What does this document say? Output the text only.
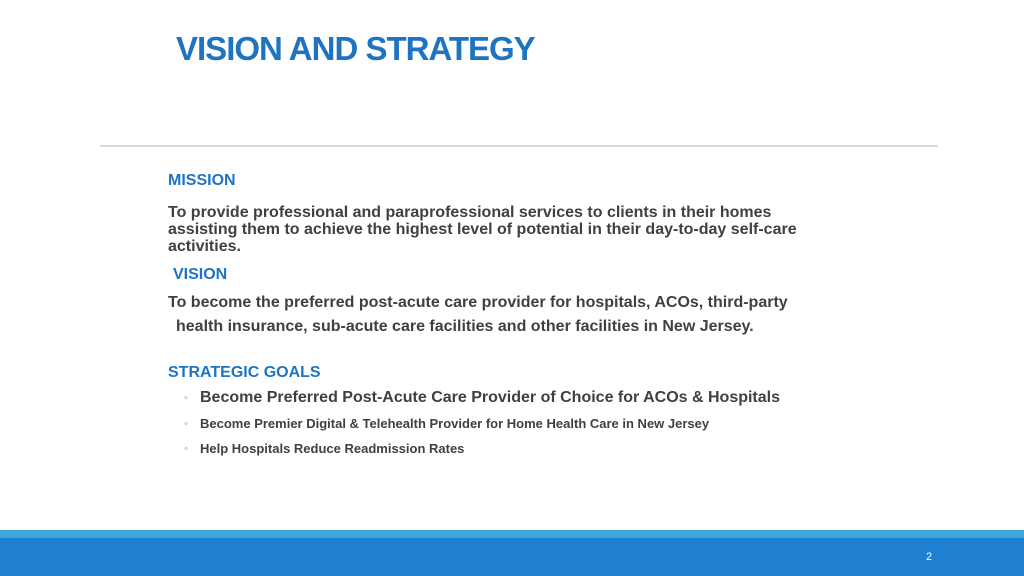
VISION AND STRATEGY
MISSION
To provide professional and paraprofessional services to clients in their homes
assisting them to achieve the highest level of potential in their day-to-day self-care
activities.
VISION
To become the preferred post-acute care provider for hospitals, ACOs, third-party
health insurance, sub-acute care facilities and other facilities in New Jersey.
STRATEGIC GOALS
◦ Become Preferred Post-Acute Care Provider of Choice for ACOs & Hospitals
◦ Become Premier Digital & Telehealth Provider for Home Health Care in New Jersey
◦ Help Hospitals Reduce Readmission Rates
2
